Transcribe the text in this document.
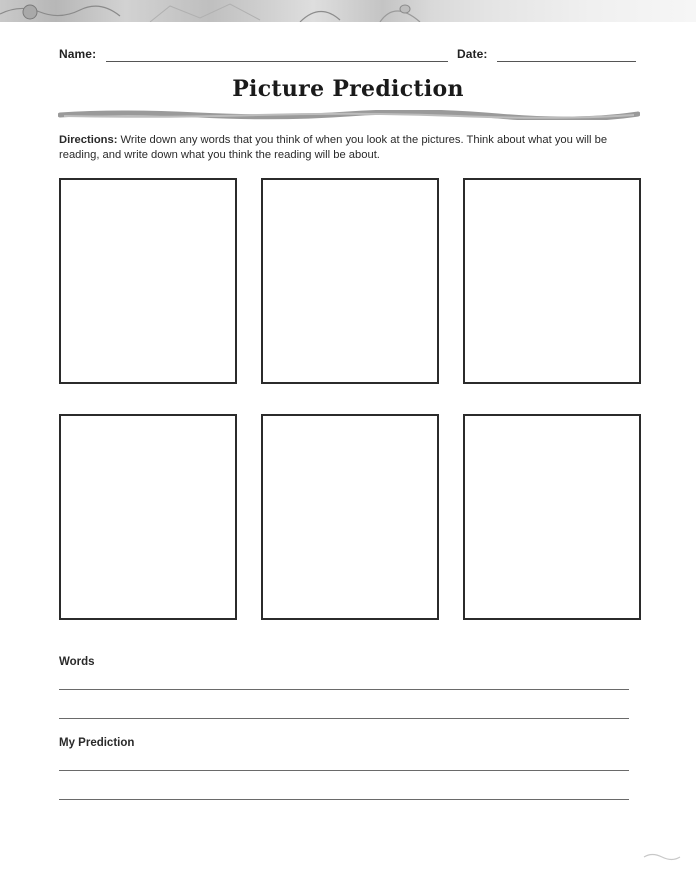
Name:	Date:
Picture Prediction
Directions: Write down any words that you think of when you look at the pictures. Think about what you will be reading, and write down what you think the reading will be about.
Words
My Prediction
